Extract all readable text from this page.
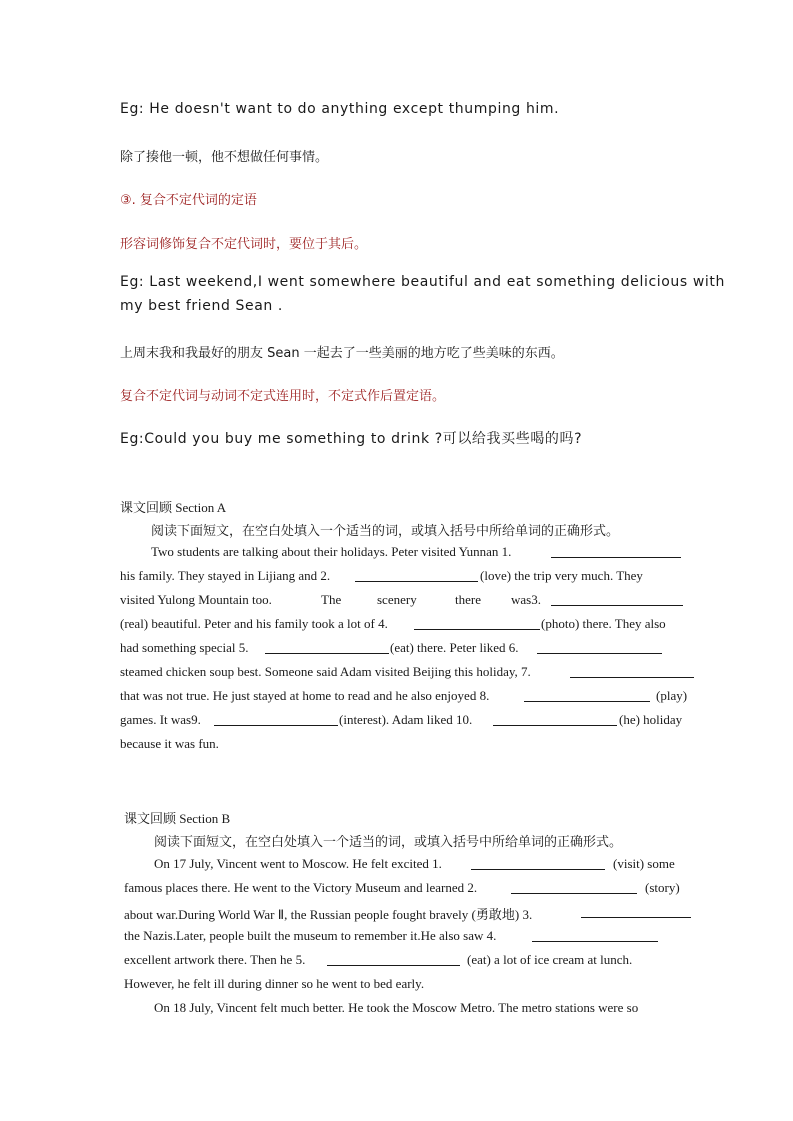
Eg: He doesn't want to do anything except thumping him.

除了揍他一顿，他不想做任何事情。

③. 复合不定代词的定语

形容词修饰复合不定代词时，要位于其后。

Eg: Last weekend,I went somewhere beautiful and eat something delicious with

my best friend Sean .

上周末我和我最好的朋友 Sean 一起去了一些美丽的地方吃了些美味的东西。

复合不定代词与动词不定式连用时，不定式作后置定语。

Eg:Could you buy me something to drink ?可以给我买些喝的吗?

课文回顾 Section A

阅读下面短文，在空白处填入一个适当的词，或填入括号中所给单词的正确形式。

Two students are talking about their holidays. Peter visited Yunnan 1.
his family. They stayed in Lijiang and 2.	(love) the trip very much. They
visited Yulong Mountain too.	The	scenery	there was3.
(real) beautiful. Peter and his family took a lot of 4.	(photo) there. They also
had something special 5.	(eat) there. Peter liked 6.
steamed chicken soup best. Someone said Adam visited Beijing this holiday, 7.
that was not true. He just stayed at home to read and he also enjoyed 8.	(play)
games. It was9.	(interest). Adam liked 10.	(he) holiday
because it was fun.

课文回顾 Section B

阅读下面短文，在空白处填入一个适当的词，或填入括号中所给单词的正确形式。

On 17 July, Vincent went to Moscow. He felt excited 1.	(visit) some
famous places there. He went to the Victory Museum and learned 2.	(story)
about war.During World War Ⅱ, the Russian people fought bravely (勇敢地) 3.
the Nazis.Later, people built the museum to remember it.He also saw 4.
excellent artwork there. Then he 5.	(eat) a lot of ice cream at lunch.
However, he felt ill during dinner so he went to bed early.
On 18 July, Vincent felt much better. He took the Moscow Metro. The metro stations were so
